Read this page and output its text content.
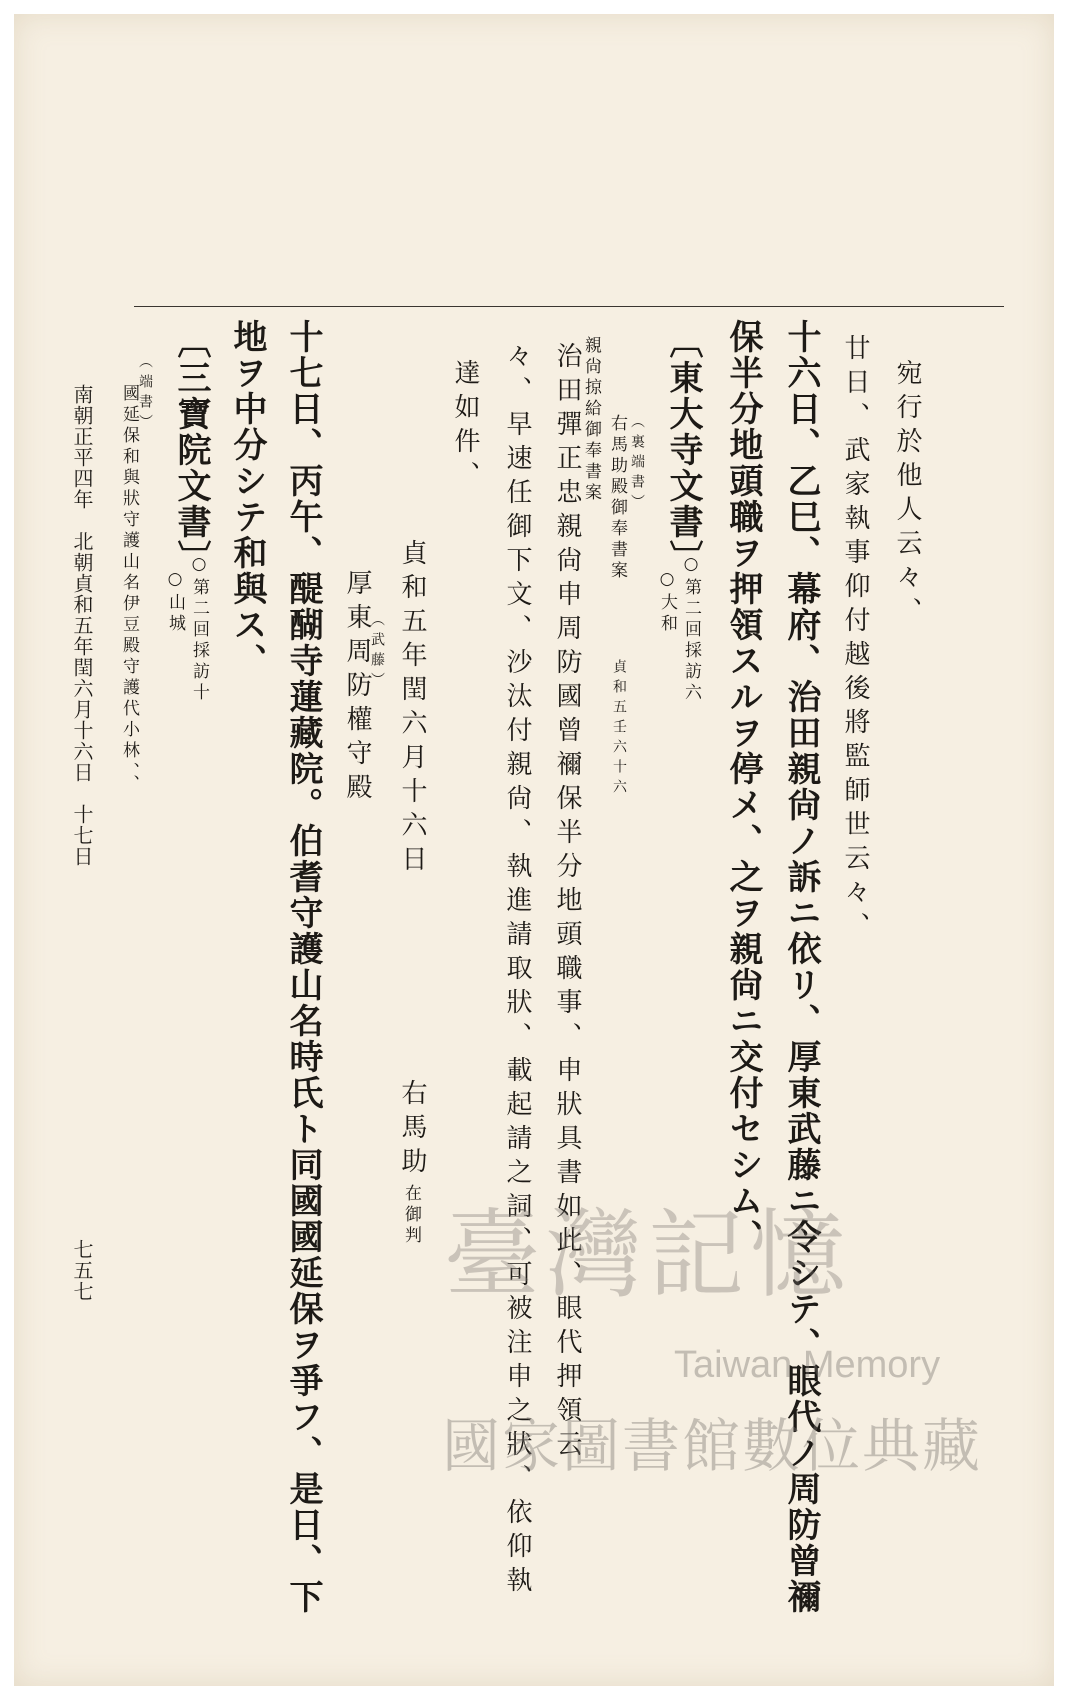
宛行於他人云々、
廿日、武家執事仰付越後將監師世云々、
十六日、乙巳、幕府、治田親尙ノ訴ニ依リ、厚東武藤ニ令シテ、眼代ノ周防曾禰
保半分地頭職ヲ押領スルヲ停メ、之ヲ親尙ニ交付セシム、
〔東大寺文書〕
○第二回採訪六
○大和
（裏端書）
右馬助殿御奉書案
貞和五壬六十六
親尙掠給御奉書案
治田彈正忠親尙申周防國曾禰保半分地頭職事、申狀具書如此、眼代押領云
々、早速任御下文、沙汰付親尙、執進請取狀、載起請之詞、可被注申之狀、依仰執
達如件、
貞和五年閏六月十六日
右馬助
在御判
（武藤）
厚東周防權守殿
十七日、丙午、醍醐寺蓮藏院。伯耆守護山名時氏ト同國國延保ヲ爭フ、是日、下
地ヲ中分シテ和與ス、
〔三寶院文書〕
○第二回採訪十
○山城
（端書）
國延保和與狀守護山名伊豆殿守護代小林、、
南朝正平四年　北朝貞和五年閏六月十六日　十七日
七五七	臺灣記憶
Taiwan Memory
國家圖書館數位典藏
